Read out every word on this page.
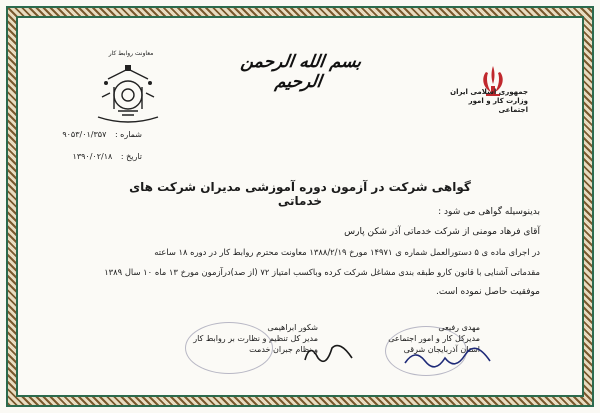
بسم الله الرحمن الرحیم
معاونت روابط کار
جمهوری اسلامی ایران
وزارت کار و امور اجتماعی
شماره : ۹۰۵۳/۰۱/۳۵۷
تاریخ : ۱۳۹۰/۰۲/۱۸
گواهی شرکت در آزمون دوره آموزشی مدیران شرکت های خدماتی
بدینوسیله گواهی می شود :
آقای فرهاد مومنی از شرکت خدماتی آذر شکن پارس
در اجرای ماده ی ۵ دستورالعمل شماره ی ۱۴۹۷۱ مورخ ۱۳۸۸/۲/۱۹ معاونت محترم روابط کار در دوره ۱۸ ساعته
مقدماتی آشنایی با قانون کارو طبقه بندی مشاغل شرکت کرده وباکسب امتیاز ۷۲ (از صد)درآزمون مورخ ۱۳ ماه ۱۰ سال ۱۳۸۹
موفقیت حاصل نموده است.
مهدی رفیعی
مدیرکل کار و امور اجتماعی
استان آذربایجان شرقی
شکور ابراهیمی
مدیر کل تنظیم و نظارت بر روابط کار
و نظام جبران خدمت
